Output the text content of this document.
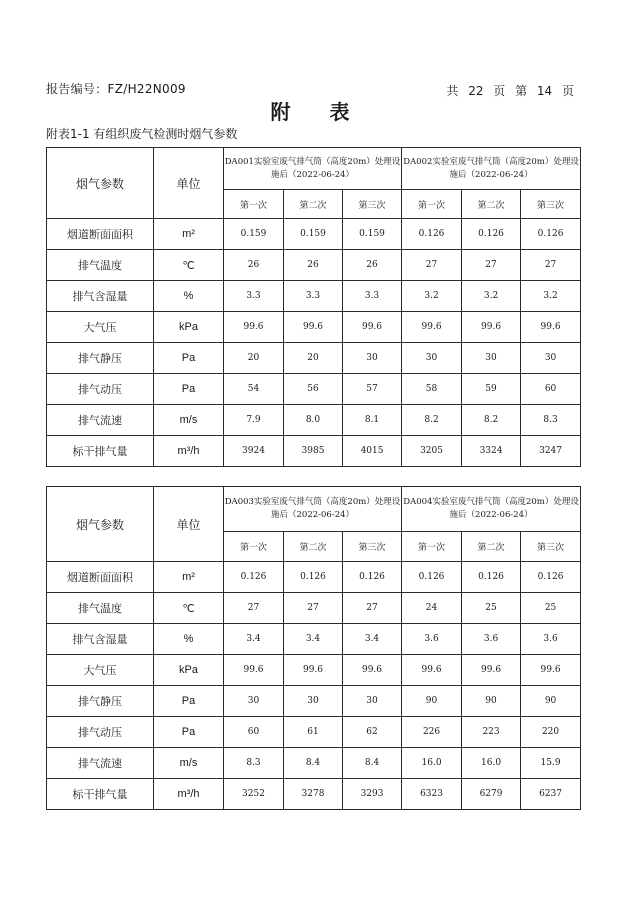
报告编号：FZ/H22N009	共 22 页 第 14 页
附 表
附表1-1 有组织废气检测时烟气参数
烟气参数	单位	DA001实验室废气排气筒（高度20m）处理设施后（2022-06-24）			DA002实验室废气排气筒（高度20m）处理设施后（2022-06-24）		
		第一次	第二次	第三次	第一次	第二次	第三次
烟道断面面积	m²	0.159	0.159	0.159	0.126	0.126	0.126
排气温度	℃	26	26	26	27	27	27
排气含湿量	%	3.3	3.3	3.3	3.2	3.2	3.2
大气压	kPa	99.6	99.6	99.6	99.6	99.6	99.6
排气静压	Pa	20	20	30	30	30	30
排气动压	Pa	54	56	57	58	59	60
排气流速	m/s	7.9	8.0	8.1	8.2	8.2	8.3
标干排气量	m³/h	3924	3985	4015	3205	3324	3247
烟气参数	单位	DA003实验室废气排气筒（高度20m）处理设施后（2022-06-24）			DA004实验室废气排气筒（高度20m）处理设施后（2022-06-24）		
		第一次	第二次	第三次	第一次	第二次	第三次
烟道断面面积	m²	0.126	0.126	0.126	0.126	0.126	0.126
排气温度	℃	27	27	27	24	25	25
排气含湿量	%	3.4	3.4	3.4	3.6	3.6	3.6
大气压	kPa	99.6	99.6	99.6	99.6	99.6	99.6
排气静压	Pa	30	30	30	90	90	90
排气动压	Pa	60	61	62	226	223	220
排气流速	m/s	8.3	8.4	8.4	16.0	16.0	15.9
标干排气量	m³/h	3252	3278	3293	6323	6279	6237
